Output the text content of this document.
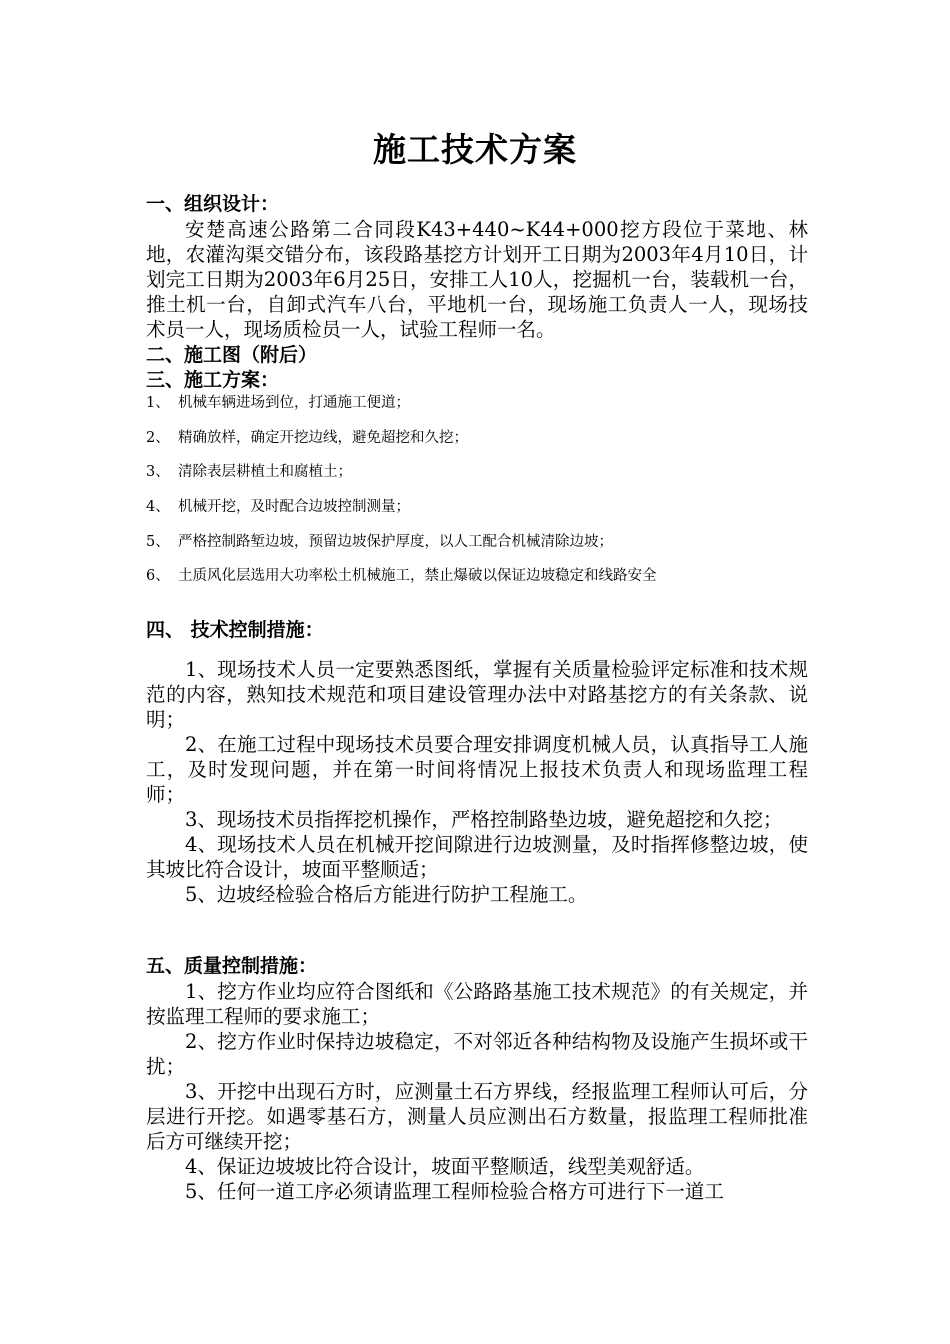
施工技术方案
一、组织设计：

安楚高速公路第二合同段K43+440~K44+000挖方段位于菜地、林地，农灌沟渠交错分布，该段路基挖方计划开工日期为2003年4月10日，计划完工日期为2003年6月25日，安排工人10人，挖掘机一台，装载机一台，推土机一台，自卸式汽车八台，平地机一台，现场施工负责人一人，现场技术员一人，现场质检员一人，试验工程师一名。

二、施工图（附后）
三、施工方案：
1、 机械车辆进场到位，打通施工便道；
2、 精确放样，确定开挖边线，避免超挖和久挖；
3、 清除表层耕植土和腐植土；
4、 机械开挖，及时配合边坡控制测量；
5、 严格控制路堑边坡，预留边坡保护厚度，以人工配合机械清除边坡；
6、 土质风化层选用大功率松土机械施工，禁止爆破以保证边坡稳定和线路安全
四、 技术控制措施：

1、现场技术人员一定要熟悉图纸，掌握有关质量检验评定标准和技术规范的内容，熟知技术规范和项目建设管理办法中对路基挖方的有关条款、说明；

2、在施工过程中现场技术员要合理安排调度机械人员，认真指导工人施工，及时发现问题，并在第一时间将情况上报技术负责人和现场监理工程师；

3、现场技术员指挥挖机操作，严格控制路垫边坡，避免超挖和久挖；

4、现场技术人员在机械开挖间隙进行边坡测量，及时指挥修整边坡，使其坡比符合设计，坡面平整顺适；

5、边坡经检验合格后方能进行防护工程施工。

五、质量控制措施：

1、挖方作业均应符合图纸和《公路路基施工技术规范》的有关规定，并按监理工程师的要求施工；

2、挖方作业时保持边坡稳定，不对邻近各种结构物及设施产生损坏或干扰；

3、开挖中出现石方时，应测量土石方界线，经报监理工程师认可后，分层进行开挖。如遇零基石方，测量人员应测出石方数量，报监理工程师批准后方可继续开挖；

4、保证边坡坡比符合设计，坡面平整顺适，线型美观舒适。

5、任何一道工序必须请监理工程师检验合格方可进行下一道工
